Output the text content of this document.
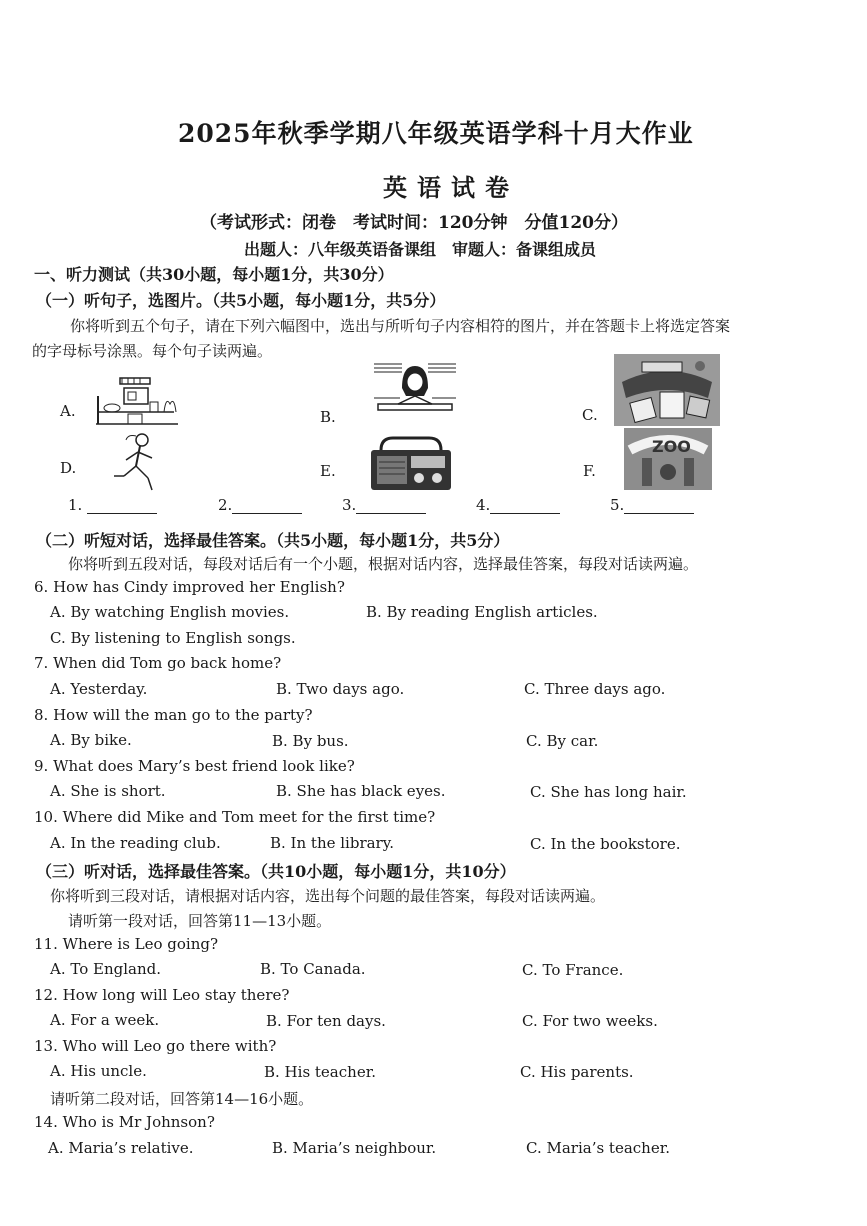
2025年秋季学期八年级英语学科十月大作业
英语试卷
（考试形式：闭卷　考试时间：120分钟　分值120分）
出题人：八年级英语备课组　审题人：备课组成员
一、听力测试（共30小题，每小题1分，共30分）
（一）听句子，选图片。（共5小题，每小题1分，共5分）
你将听到五个句子，请在下列六幅图中，选出与所听句子内容相符的图片，并在答题卡上将选定答案
的字母标号涂黑。每个句子读两遍。
A.	B.	C.
D.	E.	F.
ZOO
1.	2.	3.	4.	5.
（二）听短对话，选择最佳答案。（共5小题，每小题1分，共5分）
你将听到五段对话，每段对话后有一个小题，根据对话内容，选择最佳答案，每段对话读两遍。
6. How has Cindy improved her English?
A. By watching English movies.	B. By reading English articles.
C. By listening to English songs.
7. When did Tom go back home?
A. Yesterday.	B. Two days ago.	C. Three days ago.
8. How will the man go to the party?
A. By bike.	B. By bus.	C. By car.
9. What does Mary’s best friend look like?
A. She is short.	B. She has black eyes.	C. She has long hair.
10. Where did Mike and Tom meet for the first time?
A. In the reading club.	B. In the library.	C. In the bookstore.
（三）听对话，选择最佳答案。（共10小题，每小题1分，共10分）
你将听到三段对话，请根据对话内容，选出每个问题的最佳答案，每段对话读两遍。
请听第一段对话，回答第11—13小题。
11. Where is Leo going?
A. To England.	B. To Canada.	C. To France.
12. How long will Leo stay there?
A. For a week.	B. For ten days.	C. For two weeks.
13. Who will Leo go there with?
A. His uncle.	B. His teacher.	C. His parents.
请听第二段对话，回答第14—16小题。
14. Who is Mr Johnson?
A. Maria’s relative.	B. Maria’s neighbour.	C. Maria’s teacher.
